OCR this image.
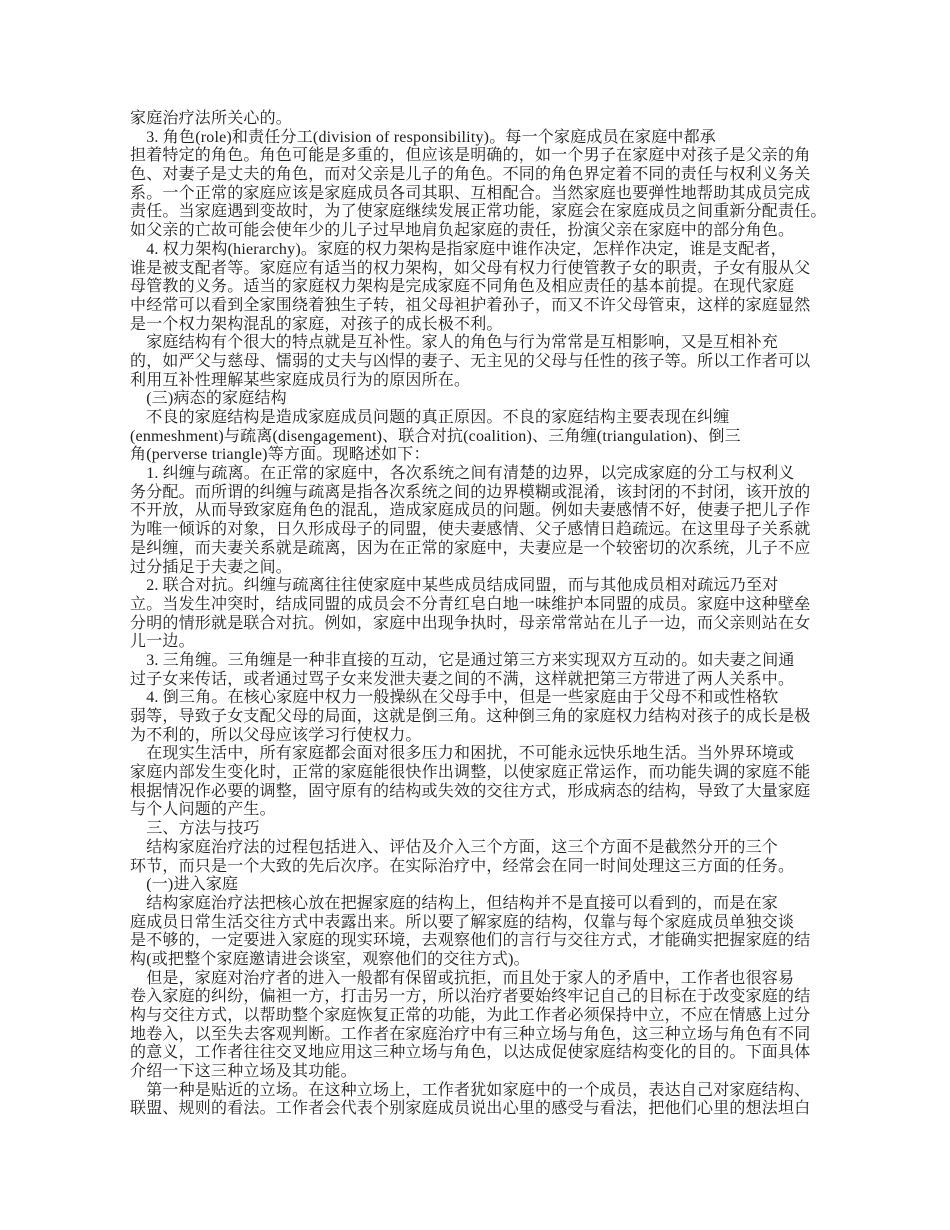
家庭治疗法所关心的。
　3. 角色(role)和责任分工(division of responsibility)。每一个家庭成员在家庭中都承
担着特定的角色。角色可能是多重的，但应该是明确的，如一个男子在家庭中对孩子是父亲的角
色、对妻子是丈夫的角色，而对父亲是儿子的角色。不同的角色界定着不同的责任与权利义务关
系。一个正常的家庭应该是家庭成员各司其职、互相配合。当然家庭也要弹性地帮助其成员完成
责任。当家庭遇到变故时，为了使家庭继续发展正常功能，家庭会在家庭成员之间重新分配责任。
如父亲的亡故可能会使年少的儿子过早地肩负起家庭的责任，扮演父亲在家庭中的部分角色。
　4. 权力架构(hierarchy)。家庭的权力架构是指家庭中谁作决定，怎样作决定，谁是支配者，
谁是被支配者等。家庭应有适当的权力架构，如父母有权力行使管教子女的职责，子女有服从父
母管教的义务。适当的家庭权力架构是完成家庭不同角色及相应责任的基本前提。在现代家庭
中经常可以看到全家围绕着独生子转，祖父母袒护着孙子，而又不许父母管束，这样的家庭显然
是一个权力架构混乱的家庭，对孩子的成长极不利。
　家庭结构有个很大的特点就是互补性。家人的角色与行为常常是互相影响，又是互相补充
的，如严父与慈母、懦弱的丈夫与凶悍的妻子、无主见的父母与任性的孩子等。所以工作者可以
利用互补性理解某些家庭成员行为的原因所在。
　(三)病态的家庭结构
　不良的家庭结构是造成家庭成员问题的真正原因。不良的家庭结构主要表现在纠缠
(enmeshment)与疏离(disengagement)、联合对抗(coalition)、三角缠(triangulation)、倒三
角(perverse triangle)等方面。现略述如下：
　1. 纠缠与疏离。在正常的家庭中，各次系统之间有清楚的边界，以完成家庭的分工与权利义
务分配。而所谓的纠缠与疏离是指各次系统之间的边界模糊或混淆，该封闭的不封闭，该开放的
不开放，从而导致家庭角色的混乱，造成家庭成员的问题。例如夫妻感情不好，使妻子把儿子作
为唯一倾诉的对象，日久形成母子的同盟，使夫妻感情、父子感情日趋疏远。在这里母子关系就
是纠缠，而夫妻关系就是疏离，因为在正常的家庭中，夫妻应是一个较密切的次系统，儿子不应
过分插足于夫妻之间。
　2. 联合对抗。纠缠与疏离往往使家庭中某些成员结成同盟，而与其他成员相对疏远乃至对
立。当发生冲突时，结成同盟的成员会不分青红皂白地一味维护本同盟的成员。家庭中这种壁垒
分明的情形就是联合对抗。例如，家庭中出现争执时，母亲常常站在儿子一边，而父亲则站在女
儿一边。
　3. 三角缠。三角缠是一种非直接的互动，它是通过第三方来实现双方互动的。如夫妻之间通
过子女来传话，或者通过骂子女来发泄夫妻之间的不满，这样就把第三方带进了两人关系中。
　4. 倒三角。在核心家庭中权力一般操纵在父母手中，但是一些家庭由于父母不和或性格软
弱等，导致子女支配父母的局面，这就是倒三角。这种倒三角的家庭权力结构对孩子的成长是极
为不利的，所以父母应该学习行使权力。
　在现实生活中，所有家庭都会面对很多压力和困扰，不可能永远快乐地生活。当外界环境或
家庭内部发生变化时，正常的家庭能很快作出调整，以使家庭正常运作，而功能失调的家庭不能
根据情况作必要的调整，固守原有的结构或失效的交往方式，形成病态的结构，导致了大量家庭
与个人问题的产生。
　三、方法与技巧
　结构家庭治疗法的过程包括进入、评估及介入三个方面，这三个方面不是截然分开的三个
环节，而只是一个大致的先后次序。在实际治疗中，经常会在同一时间处理这三方面的任务。
　(一)进入家庭
　结构家庭治疗法把核心放在把握家庭的结构上，但结构并不是直接可以看到的，而是在家
庭成员日常生活交往方式中表露出来。所以要了解家庭的结构，仅靠与每个家庭成员单独交谈
是不够的，一定要进入家庭的现实环境，去观察他们的言行与交往方式，才能确实把握家庭的结
构(或把整个家庭邀请进会谈室，观察他们的交往方式)。
　但是，家庭对治疗者的进入一般都有保留或抗拒，而且处于家人的矛盾中，工作者也很容易
卷入家庭的纠纷，偏袒一方，打击另一方，所以治疗者要始终牢记自己的目标在于改变家庭的结
构与交往方式，以帮助整个家庭恢复正常的功能，为此工作者必须保持中立，不应在情感上过分
地卷入，以至失去客观判断。工作者在家庭治疗中有三种立场与角色，这三种立场与角色有不同
的意义，工作者往往交叉地应用这三种立场与角色，以达成促使家庭结构变化的目的。下面具体
介绍一下这三种立场及其功能。
　第一种是贴近的立场。在这种立场上，工作者犹如家庭中的一个成员，表达自己对家庭结构、
联盟、规则的看法。工作者会代表个别家庭成员说出心里的感受与看法，把他们心里的想法坦白
